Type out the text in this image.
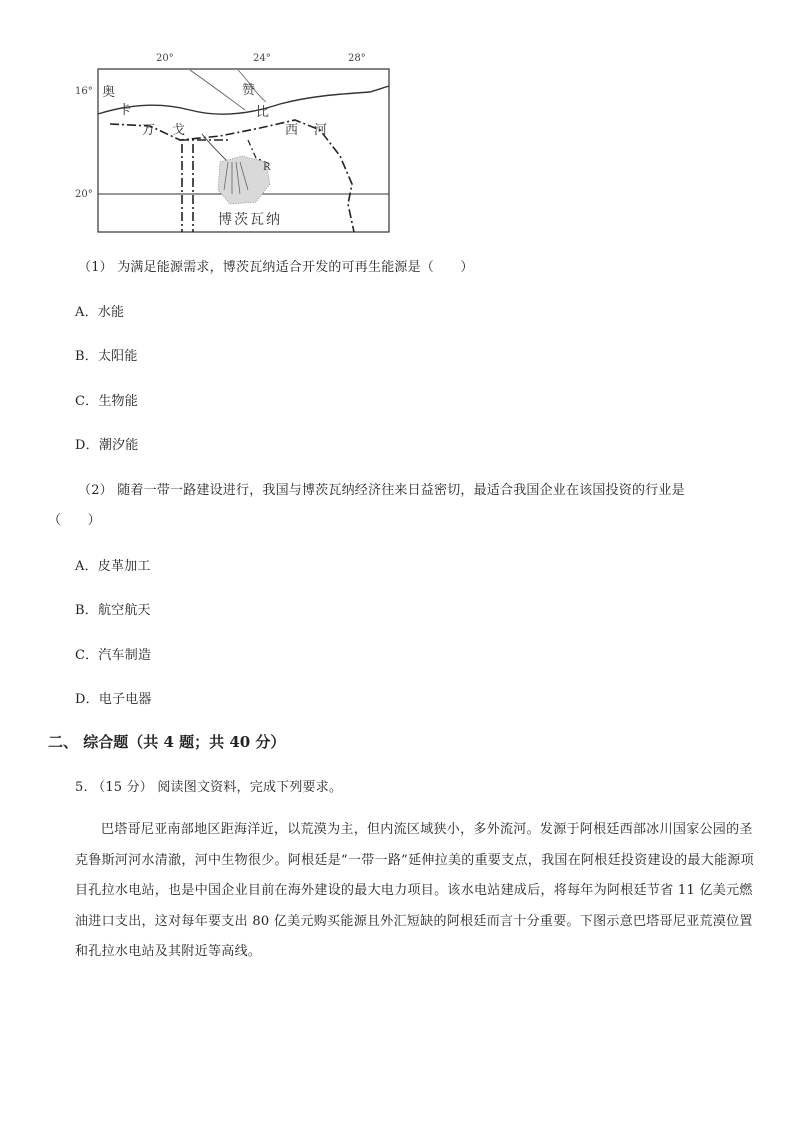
20°	24°	28°
16°
20°
奥
卡
万 戈
赞
比
西 河
R
博茨瓦纳
（1） 为满足能源需求，博茨瓦纳适合开发的可再生能源是（　　）
A．水能
B．太阳能
C．生物能
D．潮汐能
（2） 随着一带一路建设进行，我国与博茨瓦纳经济往来日益密切，最适合我国企业在该国投资的行业是
（　　）
A．皮革加工
B．航空航天
C．汽车制造
D．电子电器
二、 综合题（共 4 题；共 40 分）
5. （15 分） 阅读图文资料，完成下列要求。
巴塔哥尼亚南部地区距海洋近，以荒漠为主，但内流区域狭小，多外流河。发源于阿根廷西部冰川国家公园的圣克鲁斯河河水清澈，河中生物很少。阿根廷是“一带一路”延伸拉美的重要支点，我国在阿根廷投资建设的最大能源项目孔拉水电站，也是中国企业目前在海外建设的最大电力项目。该水电站建成后，将每年为阿根廷节省 11 亿美元燃油进口支出，这对每年要支出 80 亿美元购买能源且外汇短缺的阿根廷而言十分重要。下图示意巴塔哥尼亚荒漠位置和孔拉水电站及其附近等高线。
